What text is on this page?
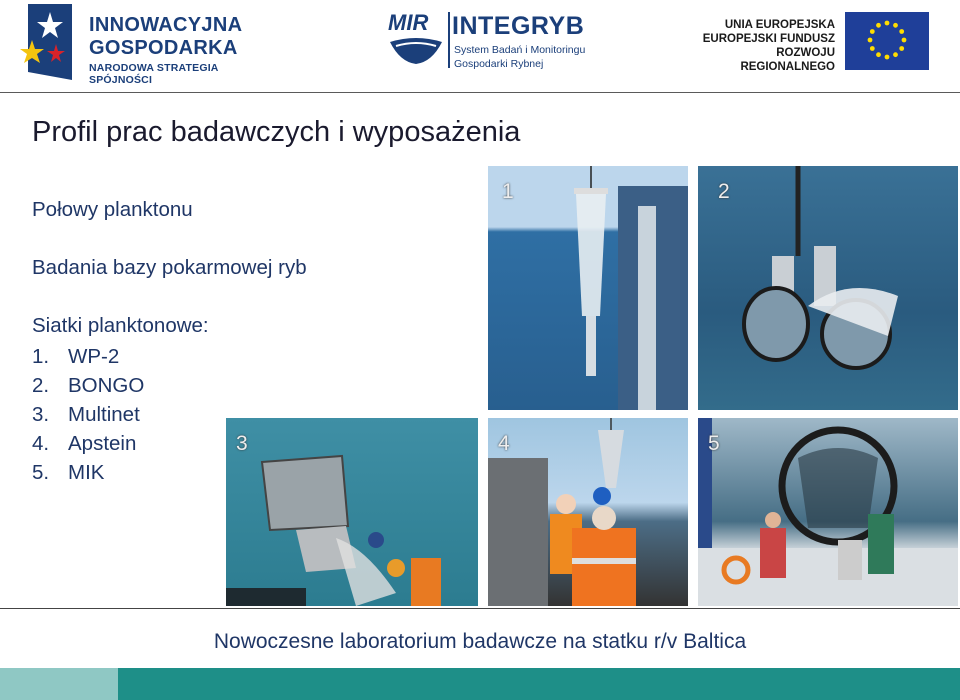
INNOWACYJNA
GOSPODARKA
NARODOWA STRATEGIA SPÓJNOŚCI
MIR INTEGRYB
System Badań i Monitoringu
Gospodarki Rybnej
UNIA EUROPEJSKA
EUROPEJSKI FUNDUSZ
ROZWOJU REGIONALNEGO
Profil prac badawczych i wyposażenia
Połowy planktonu
Badania bazy pokarmowej ryb
Siatki planktonowe:
1. WP-2
2. BONGO
3. Multinet
4. Apstein
5. MIK
1	2
3	4	5
Nowoczesne laboratorium badawcze na statku r/v Baltica
